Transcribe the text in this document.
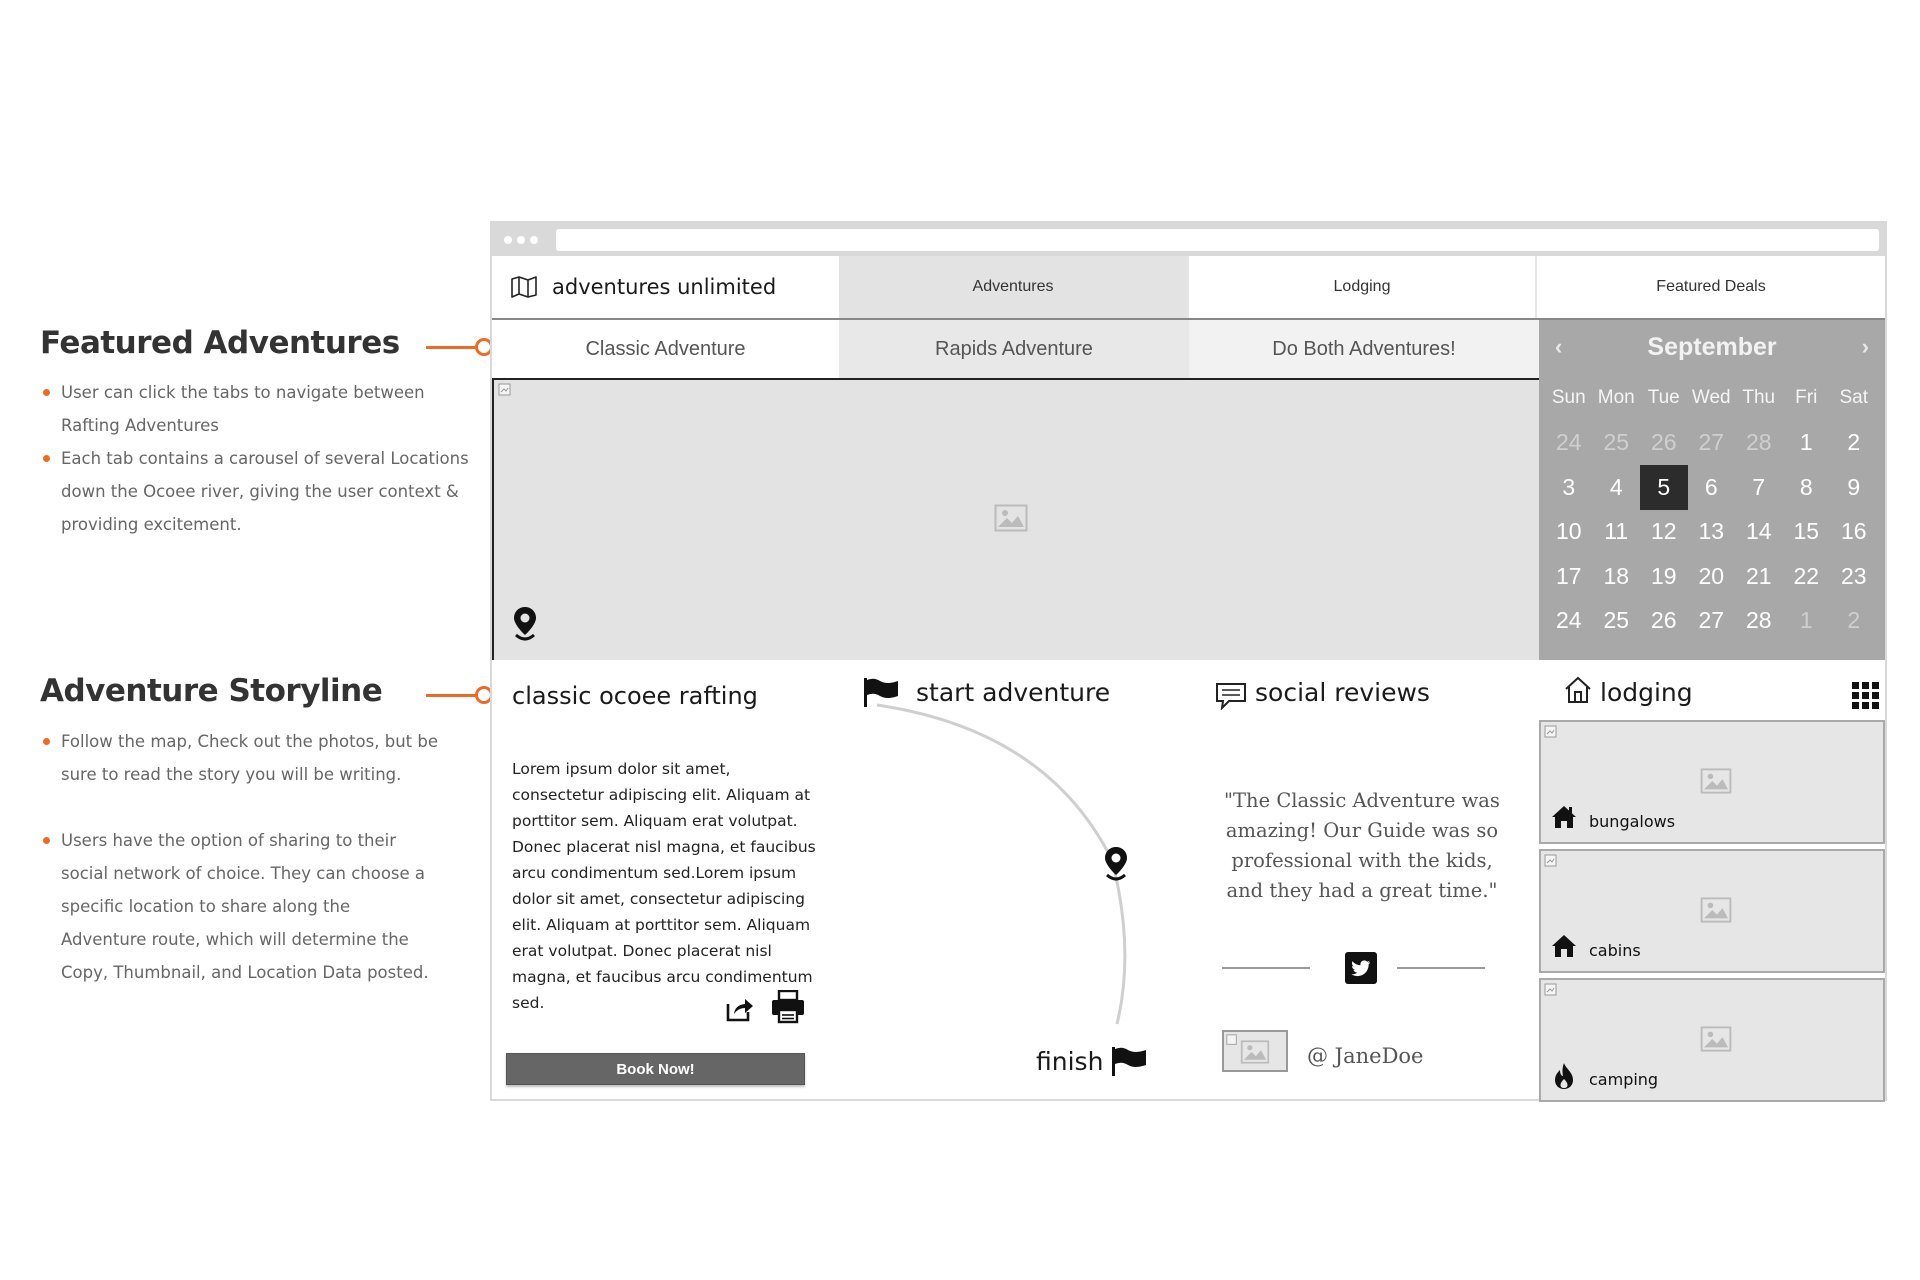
Featured Adventures
User can click the tabs to navigate between Rafting Adventures
Each tab contains a carousel of several Locations down the Ocoee river, giving the user context & providing excitement.
Adventure Storyline
Follow the map, Check out the photos, but be sure to read the story you will be writing.
Users have the option of sharing to their social network of choice. They can choose a specific location to share along the Adventure route, which will determine the Copy, Thumbnail, and Location Data posted.
adventures unlimited	Adventures	Lodging	Featured Deals
Classic Adventure	Rapids Adventure	Do Both Adventures!	‹	September	›
Sun Mon Tue Wed Thu	Fri	Sat
24 25 26 27 28	1	2
3	4	5	6	7	8	9
10 11 12 13 14 15 16
17 18 19 20 21 22 23
24 25 26 27 28	1	2
classic ocoee rafting
Lorem ipsum dolor sit amet, consectetur adipiscing elit. Aliquam at porttitor sem. Aliquam erat volutpat. Donec placerat nisl magna, et faucibus arcu condimentum sed.Lorem ipsum dolor sit amet, consectetur adipiscing elit. Aliquam at porttitor sem. Aliquam erat volutpat. Donec placerat nisl magna, et faucibus arcu condimentum sed.
Book Now!
start adventure
finish
social reviews
"The Classic Adventure was amazing! Our Guide was so professional with the kids, and they had a great time."
@ JaneDoe
lodging
bungalows
cabins
camping
